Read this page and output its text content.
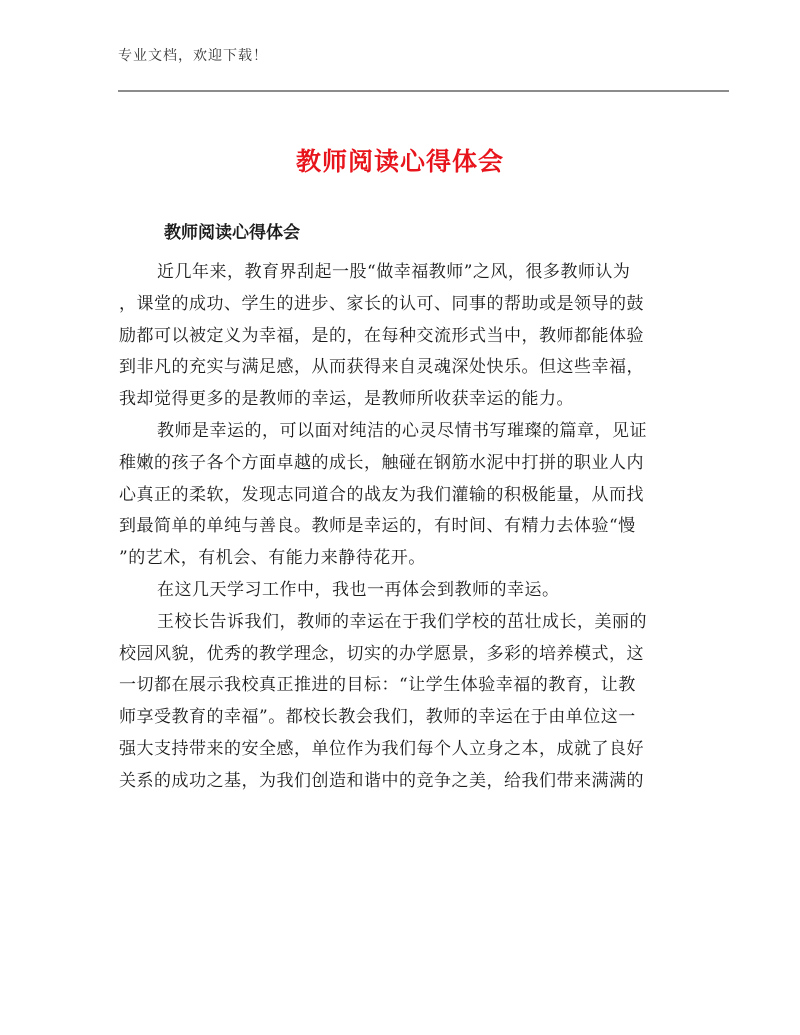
专业文档，欢迎下载！
教师阅读心得体会
教师阅读心得体会
近几年来，教育界刮起一股“做幸福教师”之风，很多教师认为
，课堂的成功、学生的进步、家长的认可、同事的帮助或是领导的鼓
励都可以被定义为幸福，是的，在每种交流形式当中，教师都能体验
到非凡的充实与满足感，从而获得来自灵魂深处快乐。但这些幸福，
我却觉得更多的是教师的幸运，是教师所收获幸运的能力。
教师是幸运的，可以面对纯洁的心灵尽情书写璀璨的篇章，见证
稚嫩的孩子各个方面卓越的成长，触碰在钢筋水泥中打拼的职业人内
心真正的柔软，发现志同道合的战友为我们灌输的积极能量，从而找
到最简单的单纯与善良。教师是幸运的，有时间、有精力去体验“慢
”的艺术，有机会、有能力来静待花开。
在这几天学习工作中，我也一再体会到教师的幸运。
王校长告诉我们，教师的幸运在于我们学校的茁壮成长，美丽的
校园风貌，优秀的教学理念，切实的办学愿景，多彩的培养模式，这
一切都在展示我校真正推进的目标：“让学生体验幸福的教育，让教
师享受教育的幸福”。都校长教会我们，教师的幸运在于由单位这一
强大支持带来的安全感，单位作为我们每个人立身之本，成就了良好
关系的成功之基，为我们创造和谐中的竞争之美，给我们带来满满的
